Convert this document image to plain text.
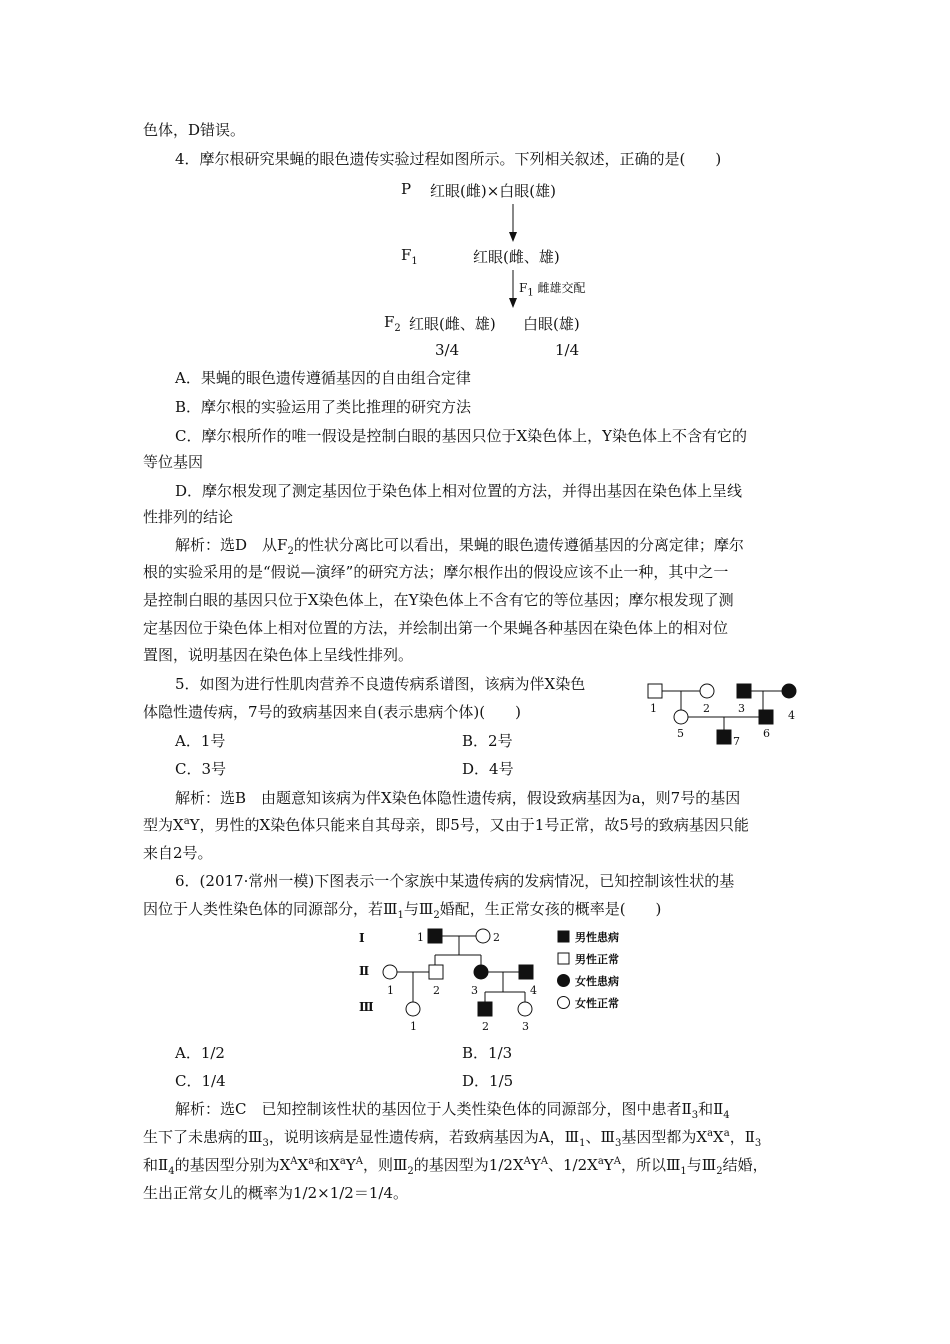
色体，D错误。
4．摩尔根研究果蝇的眼色遗传实验过程如图所示。下列相关叙述，正确的是(　　)
P 红眼(雌)×白眼(雄)
$F_1$	红眼(雌、雄)
$F_1$ 雌雄交配
$F_2$ 红眼(雌、雄) 白眼(雄)
3/4	1/4
A．果蝇的眼色遗传遵循基因的自由组合定律
B．摩尔根的实验运用了类比推理的研究方法
C．摩尔根所作的唯一假设是控制白眼的基因只位于X染色体上，Y染色体上不含有它的
等位基因
D．摩尔根发现了测定基因位于染色体上相对位置的方法，并得出基因在染色体上呈线
性排列的结论
解析：选D　从$F_2$的性状分离比可以看出，果蝇的眼色遗传遵循基因的分离定律；摩尔
根的实验采用的是“假说—演绎”的研究方法；摩尔根作出的假设应该不止一种，其中之一
是控制白眼的基因只位于X染色体上，在Y染色体上不含有它的等位基因；摩尔根发现了测
定基因位于染色体上相对位置的方法，并绘制出第一个果蝇各种基因在染色体上的相对位
置图，说明基因在染色体上呈线性排列。
5．如图为进行性肌肉营养不良遗传病系谱图，该病为伴X染色
体隐性遗传病，7号的致病基因来自(表示患病个体)(　　)	1	2	3
4
5	6
7
A．1号	B．2号
C．3号	D．4号
解析：选B　由题意知该病为伴X染色体隐性遗传病，假设致病基因为a，则7号的基因
型为$X^aY$，男性的X染色体只能来自其母亲，即5号，又由于1号正常，故5号的致病基因只能
来自2号。
6．(2017·常州一模)下图表示一个家族中某遗传病的发病情况，已知控制该性状的基
因位于人类性染色体的同源部分，若$Ⅲ_1$与$Ⅲ_2$婚配，生正常女孩的概率是(　　)
Ⅰ
Ⅱ
Ⅲ
1	2
1	2	3	4
1	2	3
男性患病
男性正常
女性患病
女性正常
A．1/2	B．1/3
C．1/4	D．1/5
解析：选C　已知控制该性状的基因位于人类性染色体的同源部分，图中患者$Ⅱ_3$和$Ⅱ_4$
生下了未患病的$Ⅲ_3$，说明该病是显性遗传病，若致病基因为A，$Ⅲ_1$、$Ⅲ_3$基因型都为$X^aX^a$，$Ⅱ_3$
和$Ⅱ_4$的基因型分别为$X^AX^a$和$X^aY^A$，则$Ⅲ_2$的基因型为$1/2X^AY^A$、$1/2X^aY^A$，所以$Ⅲ_1$与$Ⅲ_2$结婚，
生出正常女儿的概率为1/2×1/2＝1/4。
